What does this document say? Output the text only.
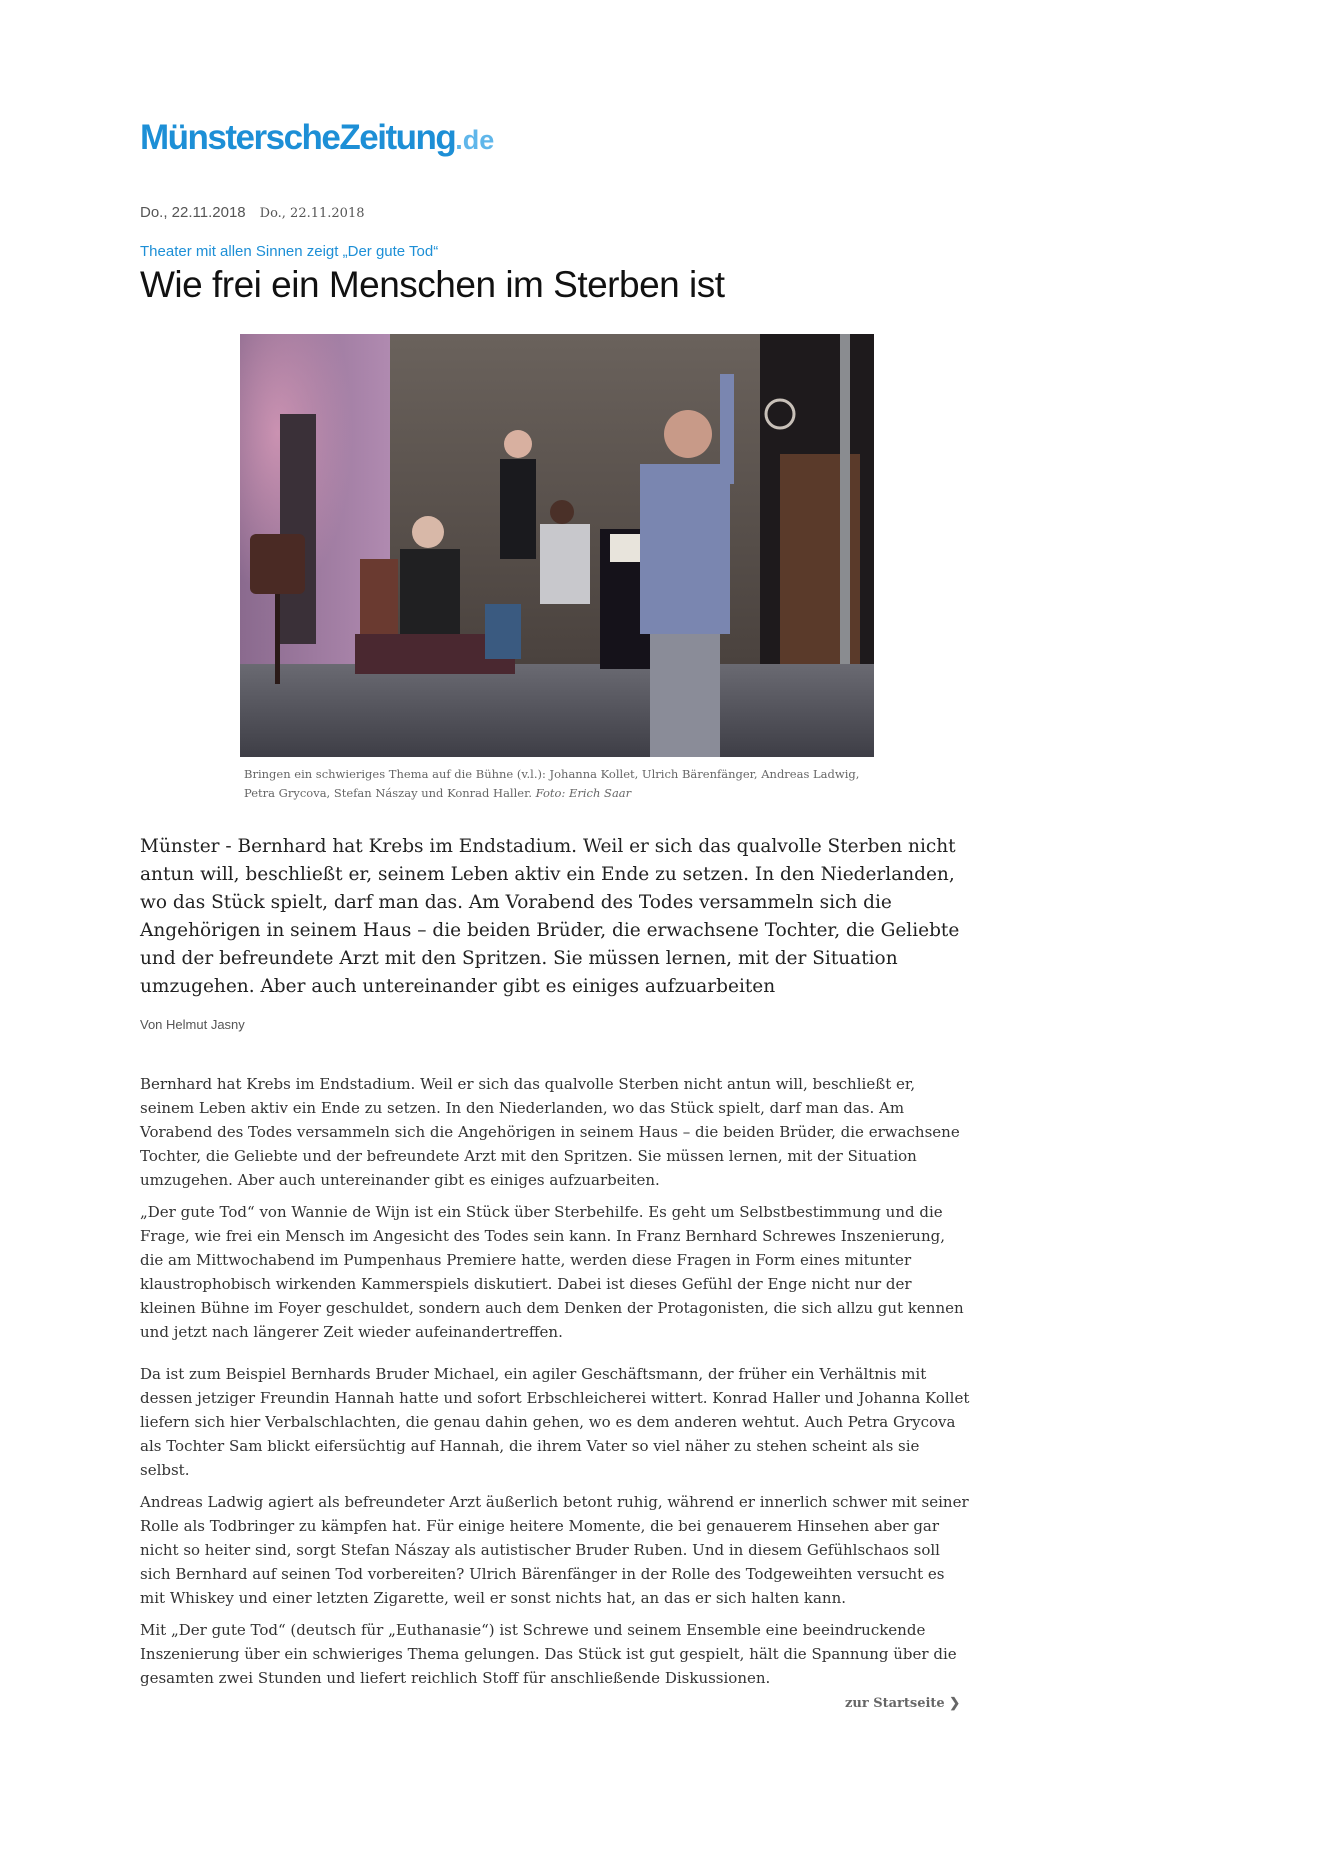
MünsterscheZeitung .de
Do., 22.11.2018 Do., 22.11.2018
Theater mit allen Sinnen zeigt „Der gute Tod“
Wie frei ein Menschen im Sterben ist
Bringen ein schwieriges Thema auf die Bühne (v.l.): Johanna Kollet, Ulrich Bärenfänger, Andreas Ladwig, Petra Grycova, Stefan Nászay und Konrad Haller. Foto: Erich Saar

Münster - Bernhard hat Krebs im Endstadium. Weil er sich das qualvolle Sterben nicht antun will, beschließt er, seinem Leben aktiv ein Ende zu setzen. In den Niederlanden, wo das Stück spielt, darf man das. Am Vorabend des Todes versammeln sich die Angehörigen in seinem Haus – die beiden Brüder, die erwachsene Tochter, die Geliebte und der befreundete Arzt mit den Spritzen. Sie müssen lernen, mit der Situation umzugehen. Aber auch untereinander gibt es einiges aufzuarbeiten

Von Helmut Jasny

Bernhard hat Krebs im Endstadium. Weil er sich das qualvolle Sterben nicht antun will, beschließt er, seinem Leben aktiv ein Ende zu setzen. In den Niederlanden, wo das Stück spielt, darf man das. Am Vorabend des Todes versammeln sich die Angehörigen in seinem Haus – die beiden Brüder, die erwachsene Tochter, die Geliebte und der befreundete Arzt mit den Spritzen. Sie müssen lernen, mit der Situation umzugehen. Aber auch untereinander gibt es einiges aufzuarbeiten.

„Der gute Tod“ von Wannie de Wijn ist ein Stück über Sterbehilfe. Es geht um Selbstbestimmung und die Frage, wie frei ein Mensch im Angesicht des Todes sein kann. In Franz Bernhard Schrewes Inszenierung, die am Mittwochabend im Pumpenhaus Premiere hatte, werden diese Fragen in Form eines mitunter klaustrophobisch wirkenden Kammerspiels diskutiert. Dabei ist dieses Gefühl der Enge nicht nur der kleinen Bühne im Foyer geschuldet, sondern auch dem Denken der Protagonisten, die sich allzu gut kennen und jetzt nach längerer Zeit wieder aufeinandertreffen.

Da ist zum Beispiel Bernhards Bruder Michael, ein agiler Geschäftsmann, der früher ein Verhältnis mit dessen jetziger Freundin Hannah hatte und sofort Erbschleicherei wittert. Konrad Haller und Johanna Kollet liefern sich hier Verbalschlachten, die genau dahin gehen, wo es dem anderen wehtut. Auch Petra Grycova als Tochter Sam blickt eifersüchtig auf Hannah, die ihrem Vater so viel näher zu stehen scheint als sie selbst.

Andreas Ladwig agiert als befreundeter Arzt äußerlich betont ruhig, während er innerlich schwer mit seiner Rolle als Todbringer zu kämpfen hat. Für einige heitere Momente, die bei genauerem Hinsehen aber gar nicht so heiter sind, sorgt Stefan Nászay als autistischer Bruder Ruben. Und in diesem Gefühlschaos soll sich Bernhard auf seinen Tod vorbereiten? Ulrich Bärenfänger in der Rolle des Todgeweihten versucht es mit Whiskey und einer letzten Zigarette, weil er sonst nichts hat, an das er sich halten kann.

Mit „Der gute Tod“ (deutsch für „Euthanasie“) ist Schrewe und seinem Ensemble eine beeindruckende Inszenierung über ein schwieriges Thema gelungen. Das Stück ist gut gespielt, hält die Spannung über die gesamten zwei Stunden und liefert reichlich Stoff für anschließende Diskussionen.

zur Startseite ❯
